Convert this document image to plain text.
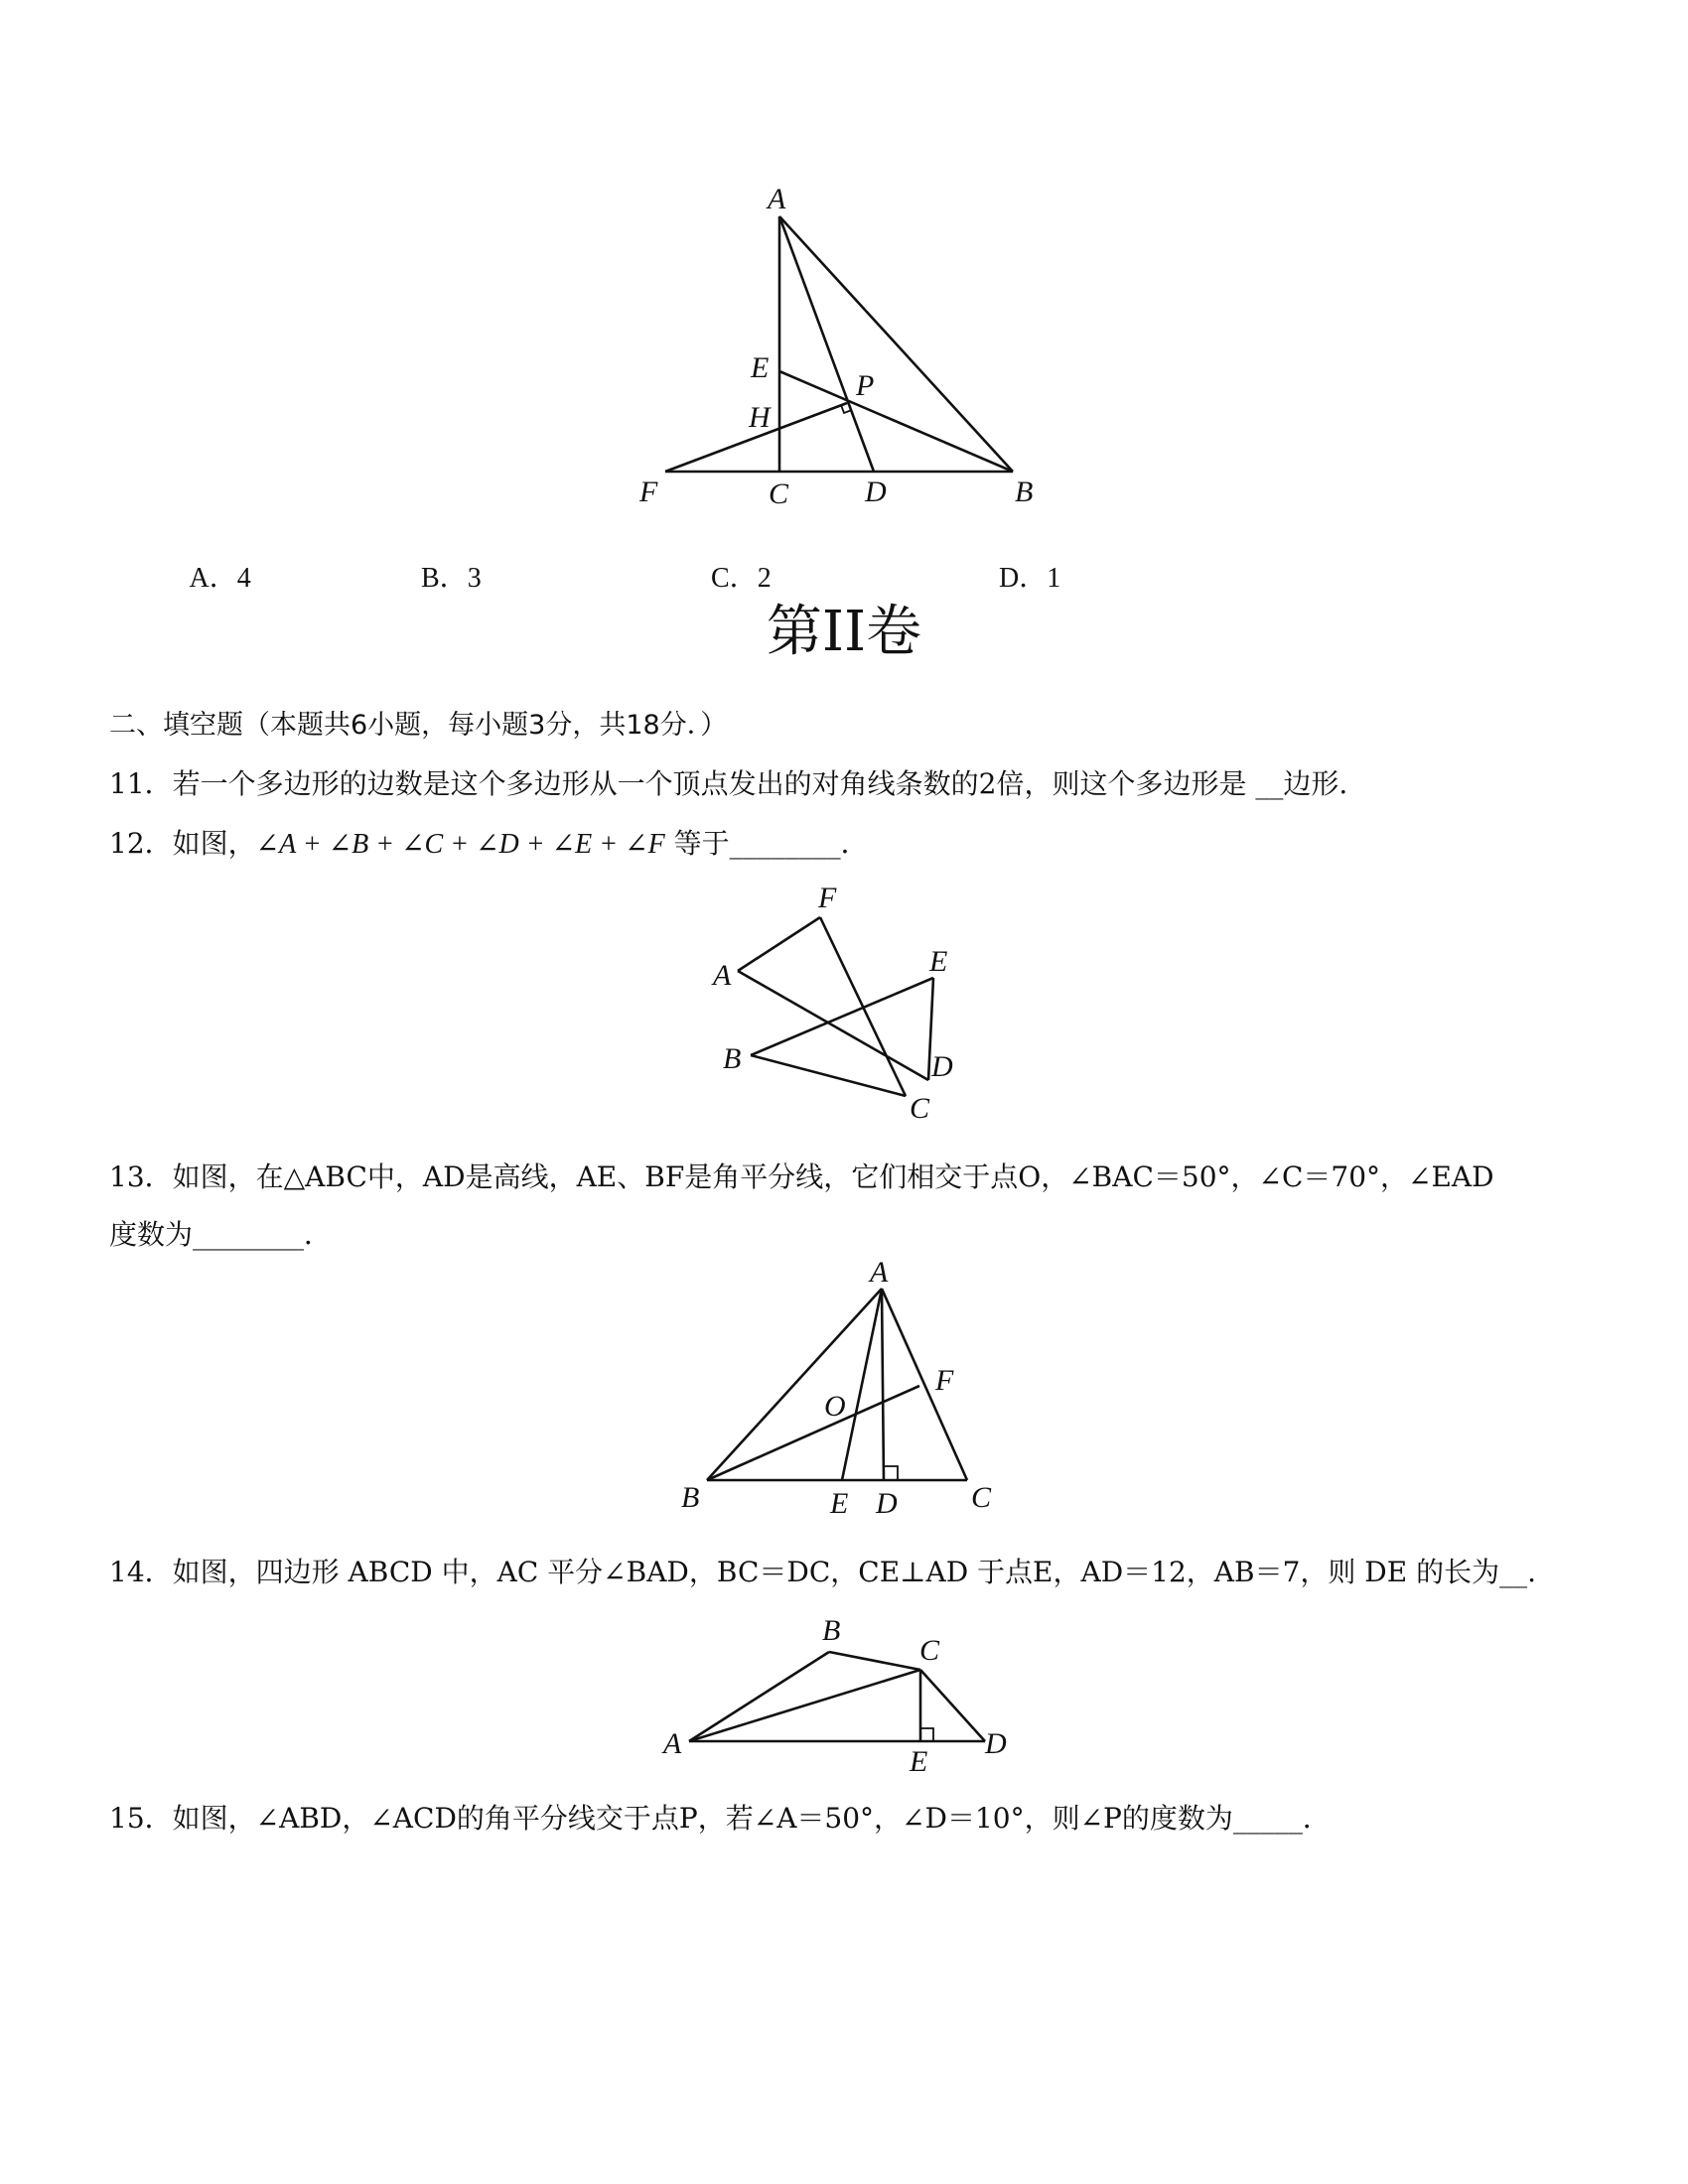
A
E
P
H
F	C	D	B

A．4
	B．3
	C．2
	D．1

第II卷
二、填空题（本题共6小题，每小题3分，共18分．）
11．若一个多边形的边数是这个多边形从一个顶点发出的对角线条数的2倍，则这个多边形是 __边形.
12．如图，∠A + ∠B + ∠C + ∠D + ∠E + ∠F 等于________．
F
A	E
B	D
C
13．如图，在△ABC中，AD是高线，AE、BF是角平分线，它们相交于点O，∠BAC＝50°，∠C＝70°，∠EAD
度数为________．
A
F
O
B	E D C
14．如图，四边形 ABCD 中，AC 平分∠BAD，BC＝DC，CE⊥AD 于点E，AD＝12，AB＝7，则 DE 的长为__.
B
C
A
E
D
15．如图，∠ABD，∠ACD的角平分线交于点P，若∠A＝50°，∠D＝10°，则∠P的度数为_____．
